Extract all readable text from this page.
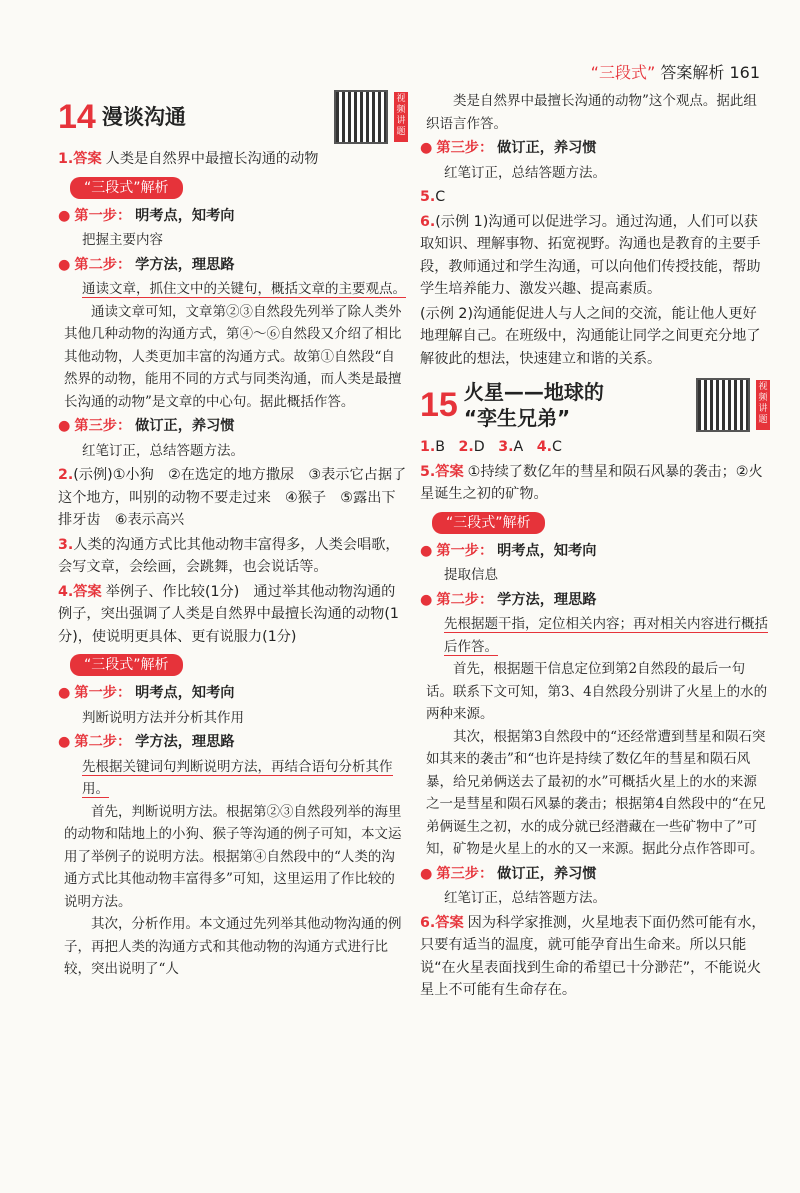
“三段式” 答案解析 161
14 漫谈沟通
视频讲题

1.答案 人类是自然界中最擅长沟通的动物

“三段式”解析
● 第一步： 明考点，知考向

把握主要内容

● 第二步： 学方法，理思路

通读文章，抓住文中的关键句，概括文章的主要观点。

通读文章可知，文章第②③自然段先列举了除人类外其他几种动物的沟通方式，第④～⑥自然段又介绍了相比其他动物，人类更加丰富的沟通方式。故第①自然段“自然界的动物，能用不同的方式与同类沟通，而人类是最擅长沟通的动物”是文章的中心句。据此概括作答。

● 第三步： 做订正，养习惯

红笔订正，总结答题方法。

2.(示例)①小狗　②在选定的地方撒尿　③表示它占据了这个地方，叫别的动物不要走过来　④猴子　⑤露出下排牙齿　⑥表示高兴

3.人类的沟通方式比其他动物丰富得多，人类会唱歌，会写文章，会绘画，会跳舞，也会说话等。

4.答案 举例子、作比较(1分)　通过举其他动物沟通的例子，突出强调了人类是自然界中最擅长沟通的动物(1分)，使说明更具体、更有说服力(1分)

“三段式”解析
● 第一步： 明考点，知考向

判断说明方法并分析其作用

● 第二步： 学方法，理思路

先根据关键词句判断说明方法，再结合语句分析其作用。

首先，判断说明方法。根据第②③自然段列举的海里的动物和陆地上的小狗、猴子等沟通的例子可知，本文运用了举例子的说明方法。根据第④自然段中的“人类的沟通方式比其他动物丰富得多”可知，这里运用了作比较的说明方法。

其次，分析作用。本文通过先列举其他动物沟通的例子，再把人类的沟通方式和其他动物的沟通方式进行比较，突出说明了“人

类是自然界中最擅长沟通的动物”这个观点。据此组织语言作答。

● 第三步： 做订正，养习惯

红笔订正，总结答题方法。

5.C

6.(示例 1)沟通可以促进学习。通过沟通，人们可以获取知识、理解事物、拓宽视野。沟通也是教育的主要手段，教师通过和学生沟通，可以向他们传授技能，帮助学生培养能力、激发兴趣、提高素质。

(示例 2)沟通能促进人与人之间的交流，能让他人更好地理解自己。在班级中，沟通能让同学之间更充分地了解彼此的想法，快速建立和谐的关系。

15 火星——地球的
“孪生兄弟”
视频讲题

1.B 2.D 3.A 4.C

5.答案 ①持续了数亿年的彗星和陨石风暴的袭击；②火星诞生之初的矿物。

“三段式”解析
● 第一步： 明考点，知考向

提取信息

● 第二步： 学方法，理思路

先根据题干指，定位相关内容；再对相关内容进行概括后作答。

首先，根据题干信息定位到第2自然段的最后一句话。联系下文可知，第3、4自然段分别讲了火星上的水的两种来源。

其次，根据第3自然段中的“还经常遭到彗星和陨石突如其来的袭击”和“也许是持续了数亿年的彗星和陨石风暴，给兄弟俩送去了最初的水”可概括火星上的水的来源之一是彗星和陨石风暴的袭击；根据第4自然段中的“在兄弟俩诞生之初，水的成分就已经潜藏在一些矿物中了”可知，矿物是火星上的水的又一来源。据此分点作答即可。

● 第三步： 做订正，养习惯

红笔订正，总结答题方法。

6.答案 因为科学家推测，火星地表下面仍然可能有水，只要有适当的温度，就可能孕育出生命来。所以只能说“在火星表面找到生命的希望已十分渺茫”，不能说火星上不可能有生命存在。
